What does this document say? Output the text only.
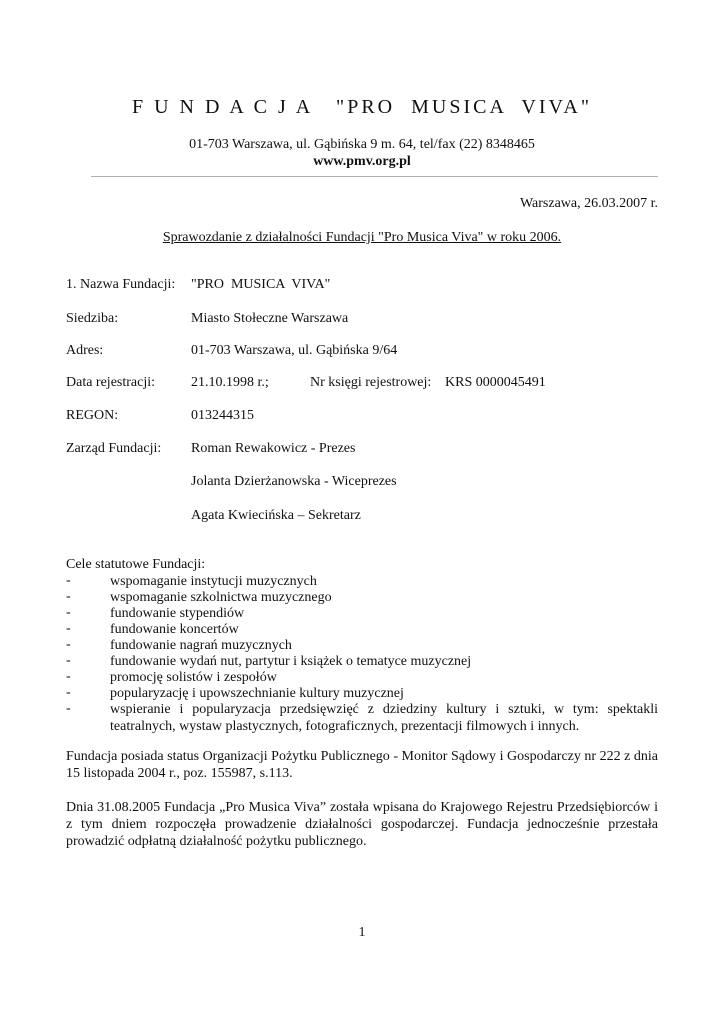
F U N D A C J A   "PRO  MUSICA  VIVA"
01-703 Warszawa, ul. Gąbińska 9 m. 64, tel/fax (22) 8348465
www.pmv.org.pl
Warszawa, 26.03.2007 r.
Sprawozdanie z działalności Fundacji "Pro Musica Viva" w roku 2006.
1. Nazwa Fundacji: "PRO  MUSICA  VIVA"
Siedziba:	Miasto Stołeczne Warszawa
Adres:	01-703 Warszawa, ul. Gąbińska 9/64
Data rejestracji:	21.10.1998 r.;	Nr księgi rejestrowej: KRS 0000045491
REGON:	013244315
Zarząd Fundacji: Roman Rewakowicz - Prezes
Jolanta Dzierżanowska - Wiceprezes
Agata Kwiecińska – Sekretarz
Cele statutowe Fundacji:
-	wspomaganie instytucji muzycznych
-	wspomaganie szkolnictwa muzycznego
-	fundowanie stypendiów
-	fundowanie koncertów
-	fundowanie nagrań muzycznych
-	fundowanie wydań nut, partytur i książek o tematyce muzycznej
-	promocję solistów i zespołów
-	popularyzację i upowszechnianie kultury muzycznej
-	wspieranie i popularyzacja przedsięwzięć z dziedziny kultury i sztuki, w tym: spektakli teatralnych, wystaw plastycznych, fotograficznych, prezentacji filmowych i innych.
Fundacja posiada status Organizacji Pożytku Publicznego - Monitor Sądowy i Gospodarczy nr 222 z dnia 15 listopada 2004 r., poz. 155987, s.113.
Dnia 31.08.2005 Fundacja „Pro Musica Viva” została wpisana do Krajowego Rejestru Przedsiębiorców i z tym dniem rozpoczęła prowadzenie działalności gospodarczej. Fundacja jednocześnie przestała prowadzić odpłatną działalność pożytku publicznego.
1
